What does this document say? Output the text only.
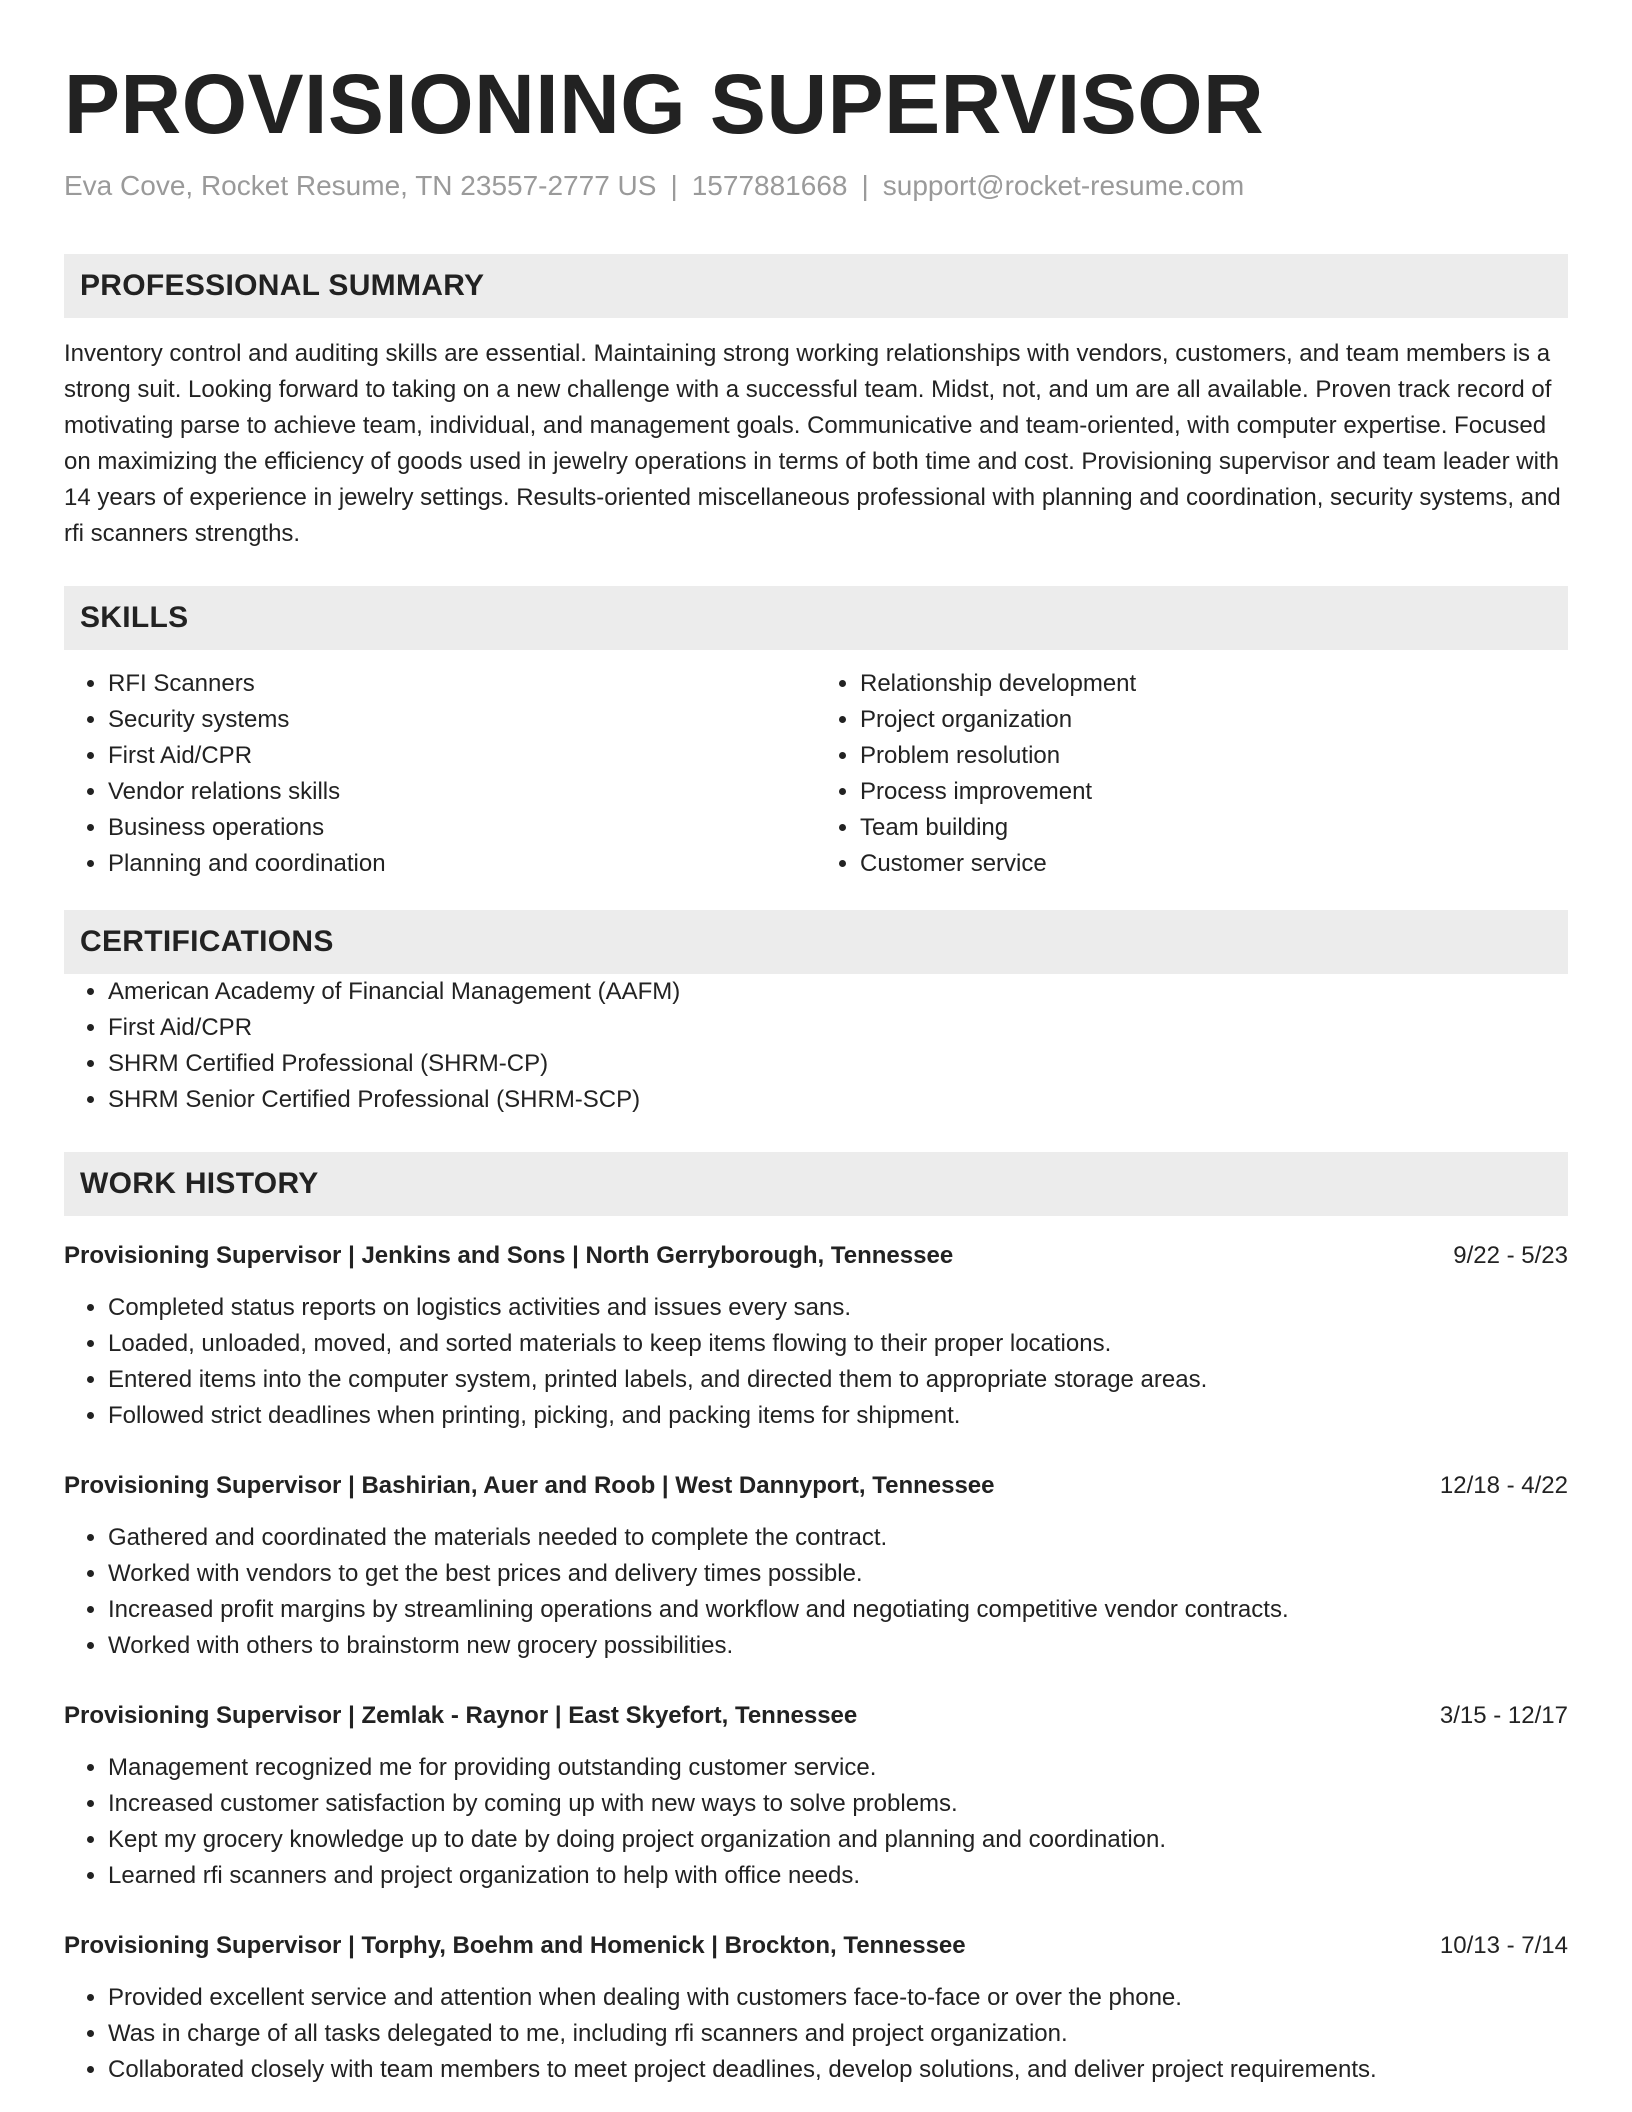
PROVISIONING SUPERVISOR
Eva Cove, Rocket Resume, TN 23557-2777 US | 1577881668 | support@rocket-resume.com
PROFESSIONAL SUMMARY

Inventory control and auditing skills are essential. Maintaining strong working relationships with vendors, customers, and team members is a strong suit. Looking forward to taking on a new challenge with a successful team. Midst, not, and um are all available. Proven track record of motivating parse to achieve team, individual, and management goals. Communicative and team-oriented, with computer expertise. Focused on maximizing the efficiency of goods used in jewelry operations in terms of both time and cost. Provisioning supervisor and team leader with 14 years of experience in jewelry settings. Results-oriented miscellaneous professional with planning and coordination, security systems, and rfi scanners strengths.

SKILLS
• RFI Scanners
• Security systems
• First Aid/CPR
• Vendor relations skills
• Business operations
• Planning and coordination
• Relationship development
• Project organization
• Problem resolution
• Process improvement
• Team building
• Customer service
CERTIFICATIONS
• American Academy of Financial Management (AAFM)
• First Aid/CPR
• SHRM Certified Professional (SHRM-CP)
• SHRM Senior Certified Professional (SHRM-SCP)
WORK HISTORY
Provisioning Supervisor | Jenkins and Sons | North Gerryborough, Tennessee	9/22 - 5/23
• Completed status reports on logistics activities and issues every sans.
• Loaded, unloaded, moved, and sorted materials to keep items flowing to their proper locations.
• Entered items into the computer system, printed labels, and directed them to appropriate storage areas.
• Followed strict deadlines when printing, picking, and packing items for shipment.
Provisioning Supervisor | Bashirian, Auer and Roob | West Dannyport, Tennessee	12/18 - 4/22
• Gathered and coordinated the materials needed to complete the contract.
• Worked with vendors to get the best prices and delivery times possible.
• Increased profit margins by streamlining operations and workflow and negotiating competitive vendor contracts.
• Worked with others to brainstorm new grocery possibilities.
Provisioning Supervisor | Zemlak - Raynor | East Skyefort, Tennessee	3/15 - 12/17
• Management recognized me for providing outstanding customer service.
• Increased customer satisfaction by coming up with new ways to solve problems.
• Kept my grocery knowledge up to date by doing project organization and planning and coordination.
• Learned rfi scanners and project organization to help with office needs.
Provisioning Supervisor | Torphy, Boehm and Homenick | Brockton, Tennessee	10/13 - 7/14
• Provided excellent service and attention when dealing with customers face-to-face or over the phone.
• Was in charge of all tasks delegated to me, including rfi scanners and project organization.
• Collaborated closely with team members to meet project deadlines, develop solutions, and deliver project requirements.
